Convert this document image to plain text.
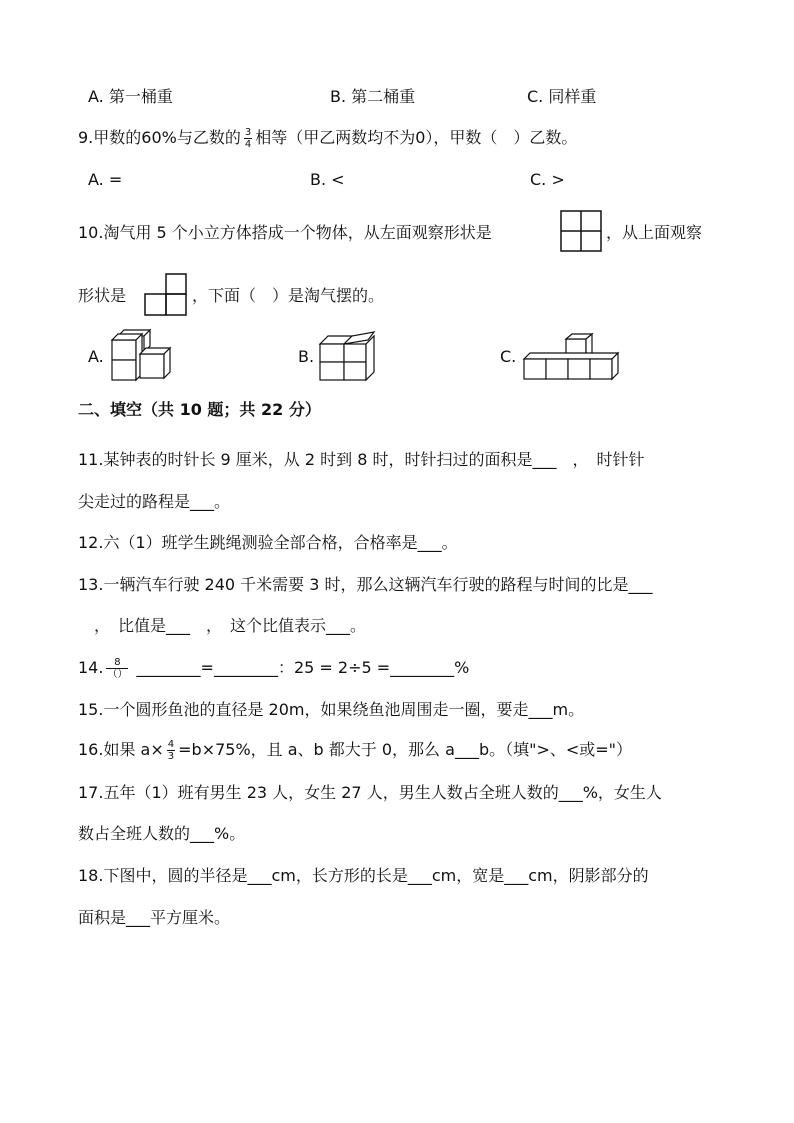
A. 第一桶重	B. 第二桶重	C. 同样重
9.甲数的60%与乙数的 $\frac{3}{4}$ 相等（甲乙两数均不为0），甲数（　）乙数。
A. =	B. <	C. >
10.淘气用 5 个小立方体搭成一个物体，从左面观察形状是	，从上面观察
形状是	，下面（　）是淘气摆的。
A.	B.	C.
二、填空（共 10 题；共 22 分）
11.某钟表的时针长 9 厘米，从 2 时到 8 时，时针扫过的面积是___　，　时针针
尖走过的路程是___。
12.六（1）班学生跳绳测验全部合格，合格率是___。
13.一辆汽车行驶 240 千米需要 3 时，那么这辆汽车行驶的路程与时间的比是___
　，　比值是___　，　这个比值表示___。
14. $\frac{8}{()}$ ________=________：25 = 2÷5 =________%
15.一个圆形鱼池的直径是 20m，如果绕鱼池周围走一圈，要走___m。
16.如果 $a\times \frac{4}{3} =b\times 75\%$，且 a、b 都大于 0，那么 a___b。（填">、<或="）
17.五年（1）班有男生 23 人，女生 27 人，男生人数占全班人数的___%，女生人
数占全班人数的___%。
18.下图中，圆的半径是___cm，长方形的长是___cm，宽是___cm，阴影部分的
面积是___平方厘米。
